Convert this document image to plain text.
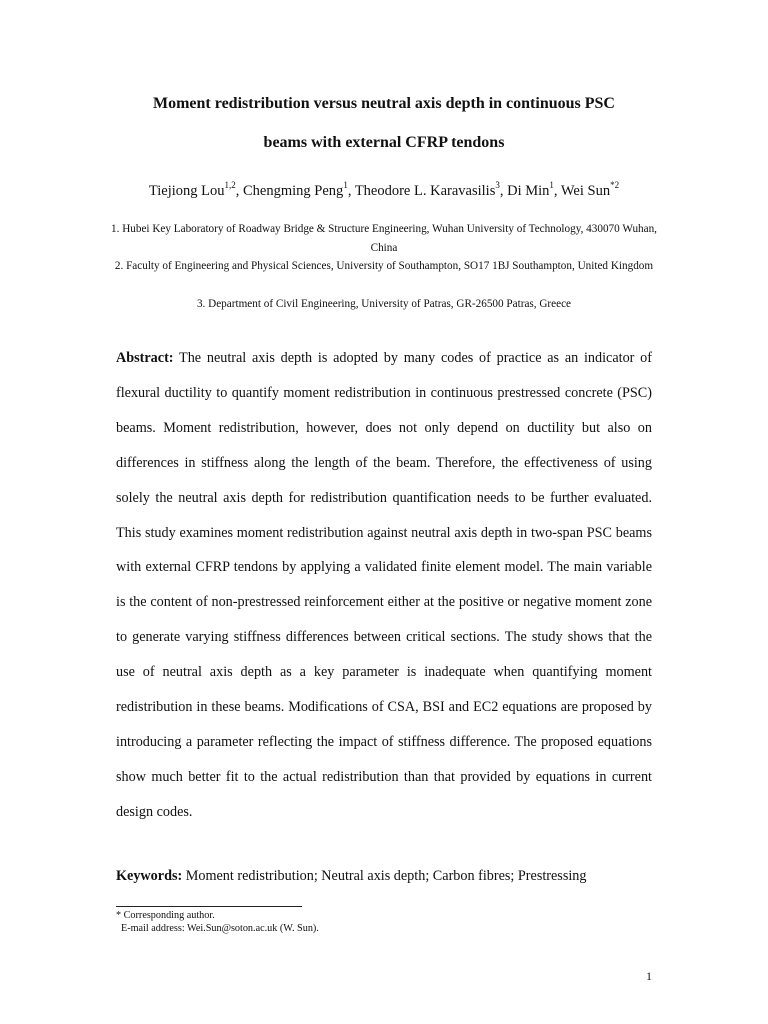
Moment redistribution versus neutral axis depth in continuous PSC
beams with external CFRP tendons

Tiejiong Lou$^{1,2}$, Chengming Peng$^1$, Theodore L. Karavasilis$^3$, Di Min$^1$, Wei Sun$^{*2}$

1. Hubei Key Laboratory of Roadway Bridge & Structure Engineering, Wuhan University of Technology, 430070 Wuhan, China

2. Faculty of Engineering and Physical Sciences, University of Southampton, SO17 1BJ Southampton, United Kingdom

3. Department of Civil Engineering, University of Patras, GR-26500 Patras, Greece

Abstract: The neutral axis depth is adopted by many codes of practice as an indicator of flexural ductility to quantify moment redistribution in continuous prestressed concrete (PSC) beams. Moment redistribution, however, does not only depend on ductility but also on differences in stiffness along the length of the beam. Therefore, the effectiveness of using solely the neutral axis depth for redistribution quantification needs to be further evaluated. This study examines moment redistribution against neutral axis depth in two-span PSC beams with external CFRP tendons by applying a validated finite element model. The main variable is the content of non-prestressed reinforcement either at the positive or negative moment zone to generate varying stiffness differences between critical sections. The study shows that the use of neutral axis depth as a key parameter is inadequate when quantifying moment redistribution in these beams. Modifications of CSA, BSI and EC2 equations are proposed by introducing a parameter reflecting the impact of stiffness difference. The proposed equations show much better fit to the actual redistribution than that provided by equations in current design codes.

Keywords: Moment redistribution; Neutral axis depth; Carbon fibres; Prestressing

* Corresponding author.

E-mail address: Wei.Sun@soton.ac.uk (W. Sun).

1
